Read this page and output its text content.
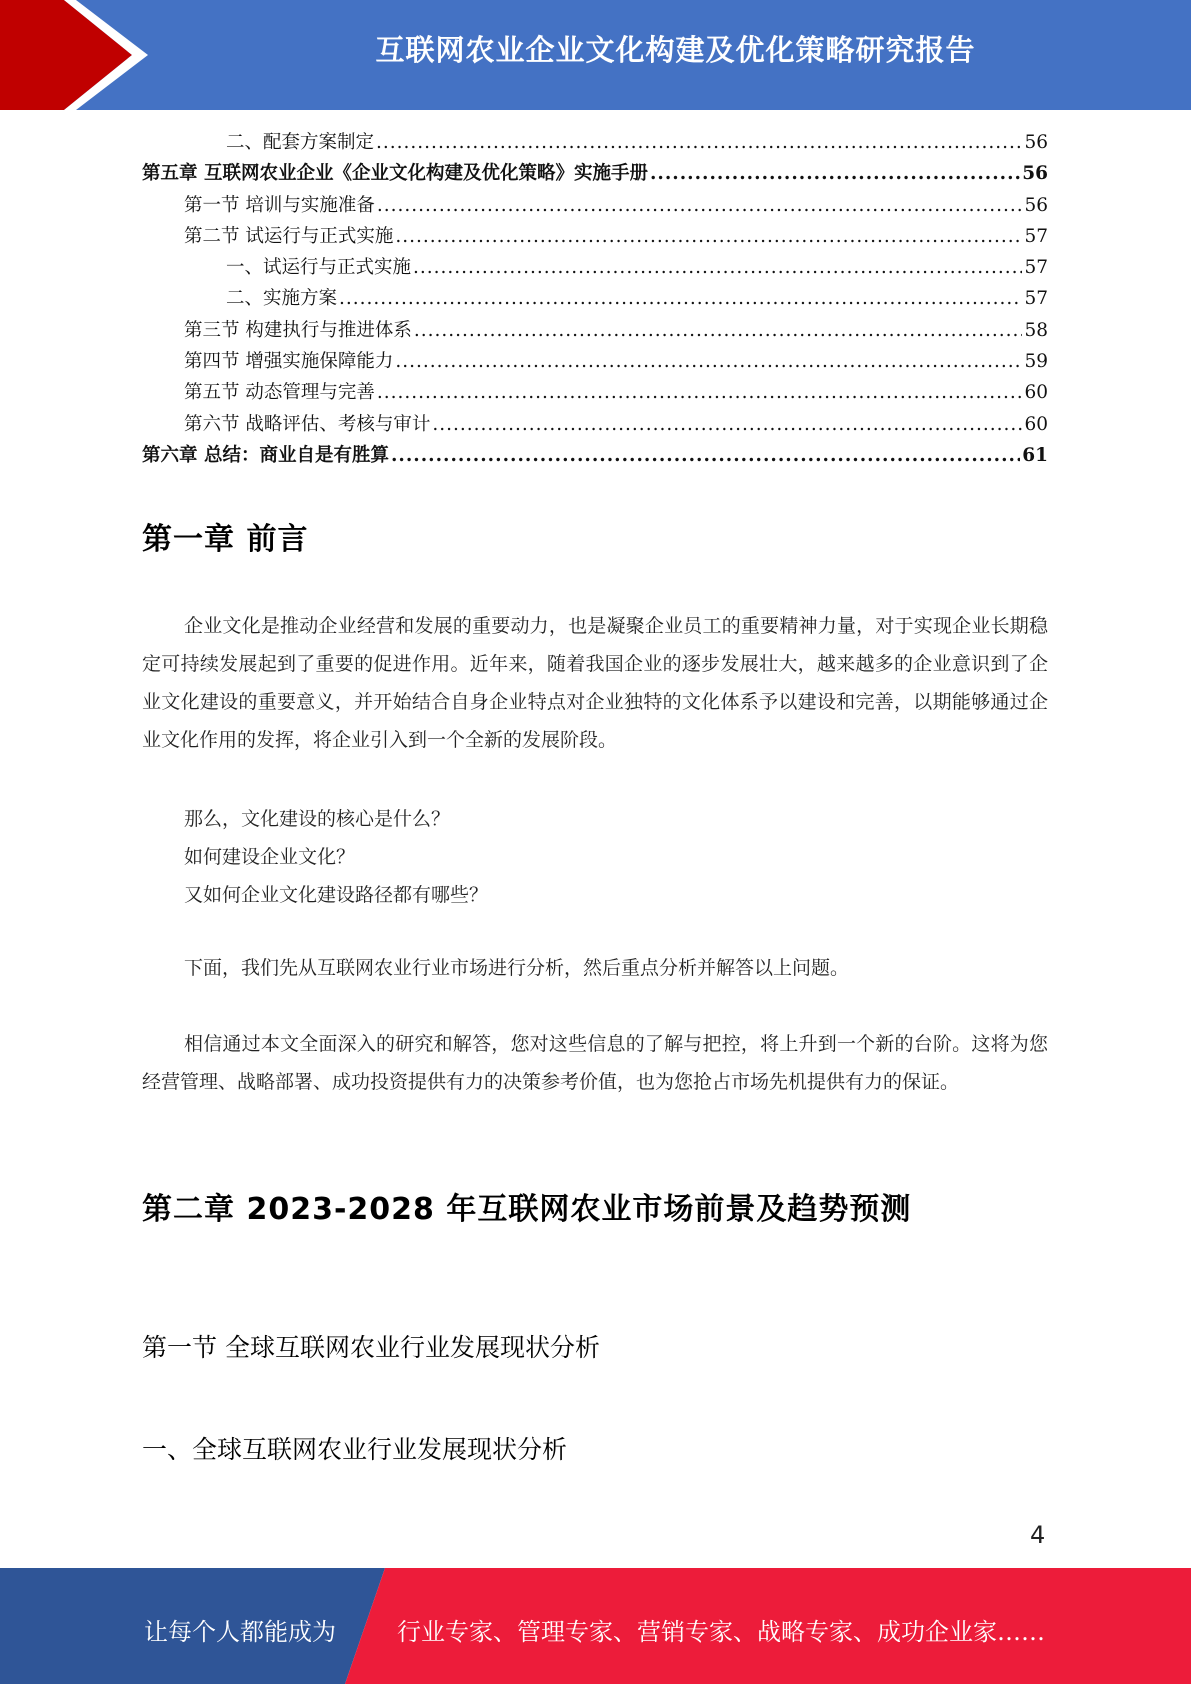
互联网农业企业文化构建及优化策略研究报告
二、配套方案制定 .....	56
第五章 互联网农业企业《企业文化构建及优化策略》实施手册 .....	56
第一节 培训与实施准备 .....	56
第二节 试运行与正式实施 .....	57
一、试运行与正式实施 .....	57
二、实施方案 .....	57
第三节 构建执行与推进体系 .....	58
第四节 增强实施保障能力 .....	59
第五节 动态管理与完善 .....	60
第六节 战略评估、考核与审计 .....	60
第六章 总结：商业自是有胜算 .....	61
第一章 前言

企业文化是推动企业经营和发展的重要动力，也是凝聚企业员工的重要精神力量，对于实现企业长期稳定可持续发展起到了重要的促进作用。近年来，随着我国企业的逐步发展壮大，越来越多的企业意识到了企业文化建设的重要意义，并开始结合自身企业特点对企业独特的文化体系予以建设和完善，以期能够通过企业文化作用的发挥，将企业引入到一个全新的发展阶段。

那么，文化建设的核心是什么？
如何建设企业文化？
又如何企业文化建设路径都有哪些？

下面，我们先从互联网农业行业市场进行分析，然后重点分析并解答以上问题。

相信通过本文全面深入的研究和解答，您对这些信息的了解与把控，将上升到一个新的台阶。这将为您经营管理、战略部署、成功投资提供有力的决策参考价值，也为您抢占市场先机提供有力的保证。

第二章 2023-2028 年互联网农业市场前景及趋势预测
第一节 全球互联网农业行业发展现状分析
一、全球互联网农业行业发展现状分析
4
让每个人都能成为	行业专家、管理专家、营销专家、战略专家、成功企业家……
